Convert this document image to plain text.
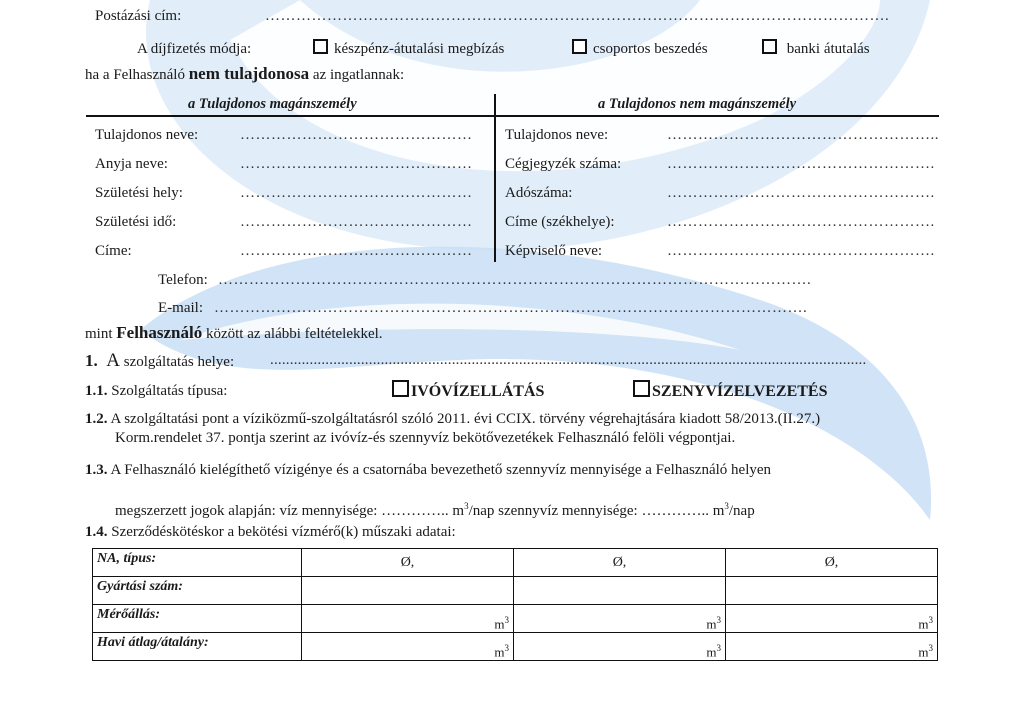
Postázási cím:	………………………………………………………………………………………………………….
A díjfizetés módja:	készpénz-átutalási megbízás	csoportos beszedés	banki átutalás
ha a Felhasználó nem tulajdonosa az ingatlannak:
a Tulajdonos magánszemély	a Tulajdonos nem magánszemély
Tulajdonos neve:	………………………………………
Anyja neve:	………………………………………
Születési hely:	………………………………………
Születési idő:	………………………………………
Címe:	………………………………………
Tulajdonos neve:	……………………………………………..
Cégjegyzék száma:	…………………………………………….
Adószáma:	…………………………………………….
Címe (székhelye):	…………………………………………….
Képviselő neve:	…………………………………………….
Telefon: …………………………………………………………………………………………………….
E-mail: …………………………………………………………………………………………………….
mint Felhasználó között az alábbi feltételekkel.
1. A szolgáltatás helye: .......................................................................................................................................................
1.1. Szolgáltatás típusa:	IVÓVÍZELLÁTÁS	SZENYVÍZELVEZETÉS
1.2. A szolgáltatási pont a víziközmű-szolgáltatásról szóló 2011. évi CCIX. törvény végrehajtására kiadott 58/2013.(II.27.)
Korm.rendelet 37. pontja szerint az ivóvíz-és szennyvíz bekötővezetékek Felhasználó felöli végpontjai.
1.3. A Felhasználó kielégíthető vízigénye és a csatornába bevezethető szennyvíz mennyisége a Felhasználó helyen
megszerzett jogok alapján: víz mennyisége: ………….. $m^3$/nap szennyvíz mennyisége: ………….. $m^3$/nap
1.4. Szerződéskötéskor a bekötési vízmérő(k) műszaki adatai:
NA, típus:	Ø,	Ø,	Ø,
Gyártási szám:			
Mérőállás:	$m^3$	$m^3$	$m^3$
Havi átlag/átalány:	$m^3$	$m^3$	$m^3$
